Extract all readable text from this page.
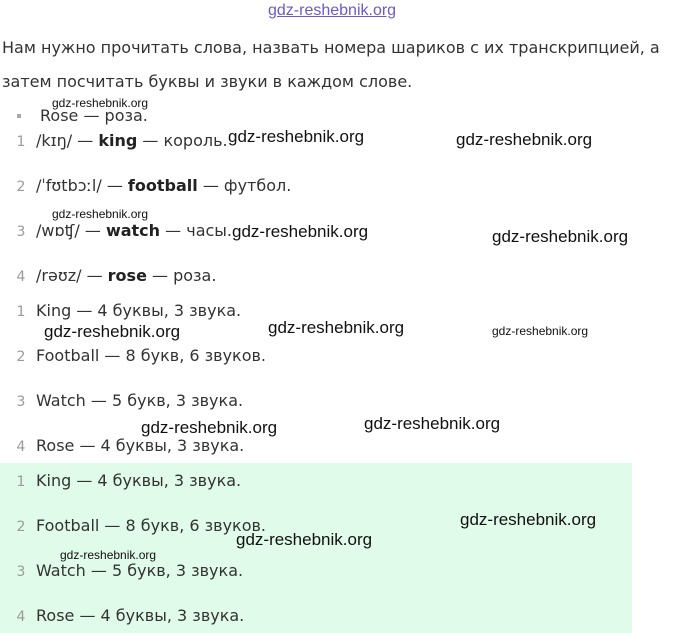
gdz-reshebnik.org

Нам нужно прочитать слова, назвать номера шариков с их транскрипцией, а затем посчитать буквы и звуки в каждом слове.

Rose — роза.
1 /kɪŋ/ — king — король.
2 /ˈfʊtbɔːl/ — football — футбол.
3 /wɒʧ/ — watch — часы.
4 /rəʊz/ — rose — роза.
1 King — 4 буквы, 3 звука.
2 Football — 8 букв, 6 звуков.
3 Watch — 5 букв, 3 звука.
4 Rose — 4 буквы, 3 звука.
1 King — 4 буквы, 3 звука.
2 Football — 8 букв, 6 звуков.
3 Watch — 5 букв, 3 звука.
4 Rose — 4 буквы, 3 звука.
gdz-reshebnik.org
gdz-reshebnik.org	gdz-reshebnik.org
gdz-reshebnik.org
gdz-reshebnik.org	gdz-reshebnik.org
gdz-reshebnik.org	gdz-reshebnik.org	gdz-reshebnik.org
gdz-reshebnik.org	gdz-reshebnik.org
gdz-reshebnik.org
gdz-reshebnik.org
gdz-reshebnik.org
